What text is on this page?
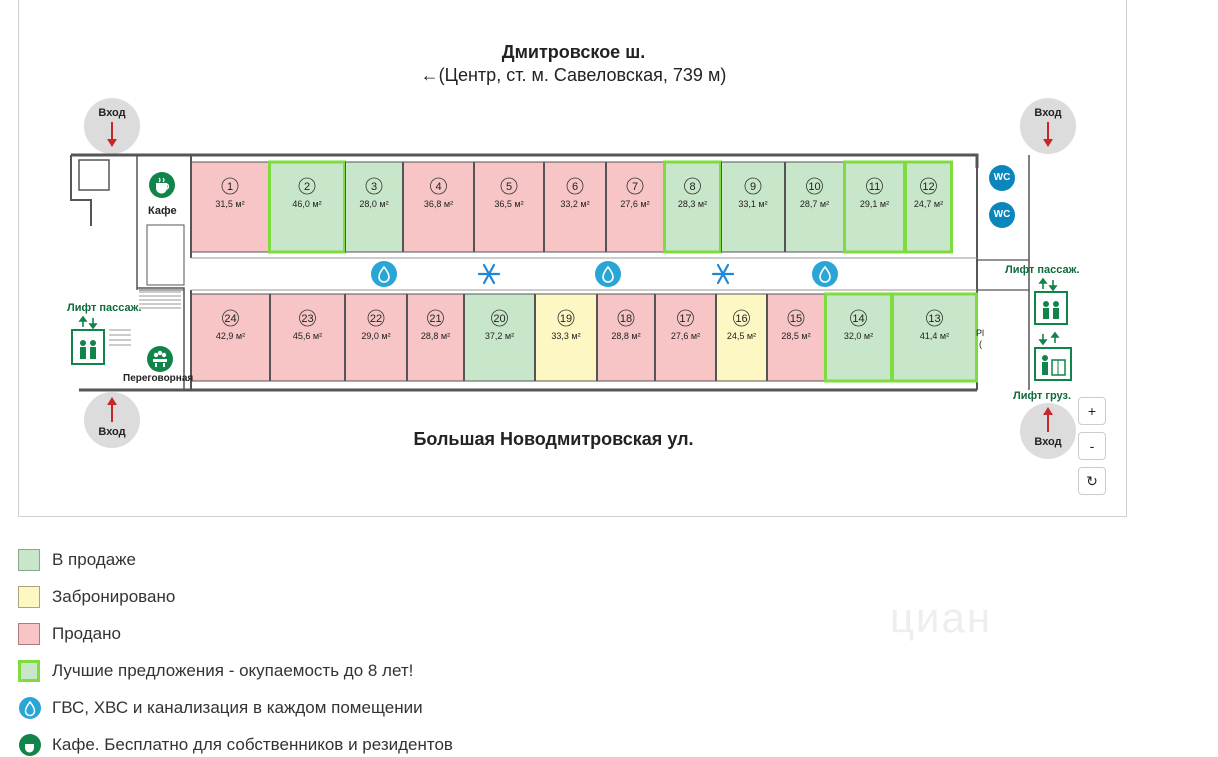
Дмитровское ш.
←(Центр, ст. м. Савеловская, 739 м)
Большая Новодмитровская ул.
Вход	Вход
Вход
Вход
1
31,5 м²
2
46,0 м²
3
28,0 м²
4
36,8 м²
5
36,5 м²
6
33,2 м²
7
27,6 м²
8
28,3 м²
9
33,1 м²
10
28,7 м²
11
29,1 м²
12
24,7 м²
24
42,9 м²
23
45,6 м²
22
29,0 м²
21
28,8 м²
20
37,2 м²
19
33,3 м²
18
28,8 м²
17
27,6 м²
16
24,5 м²
15
28,5 м²
14
32,0 м²
13
41,4 м²
Кафе
Переговорная
Лифт пассаж.
Лифт пассаж.
Лифт груз.
WC
WC
Pl
(
+
-
↻
циан
В продаже
Забронировано
Продано
Лучшие предложения - окупаемость до 8 лет!
ГВС, ХВС и канализация в каждом помещении
Кафе. Бесплатно для собственников и резидентов
